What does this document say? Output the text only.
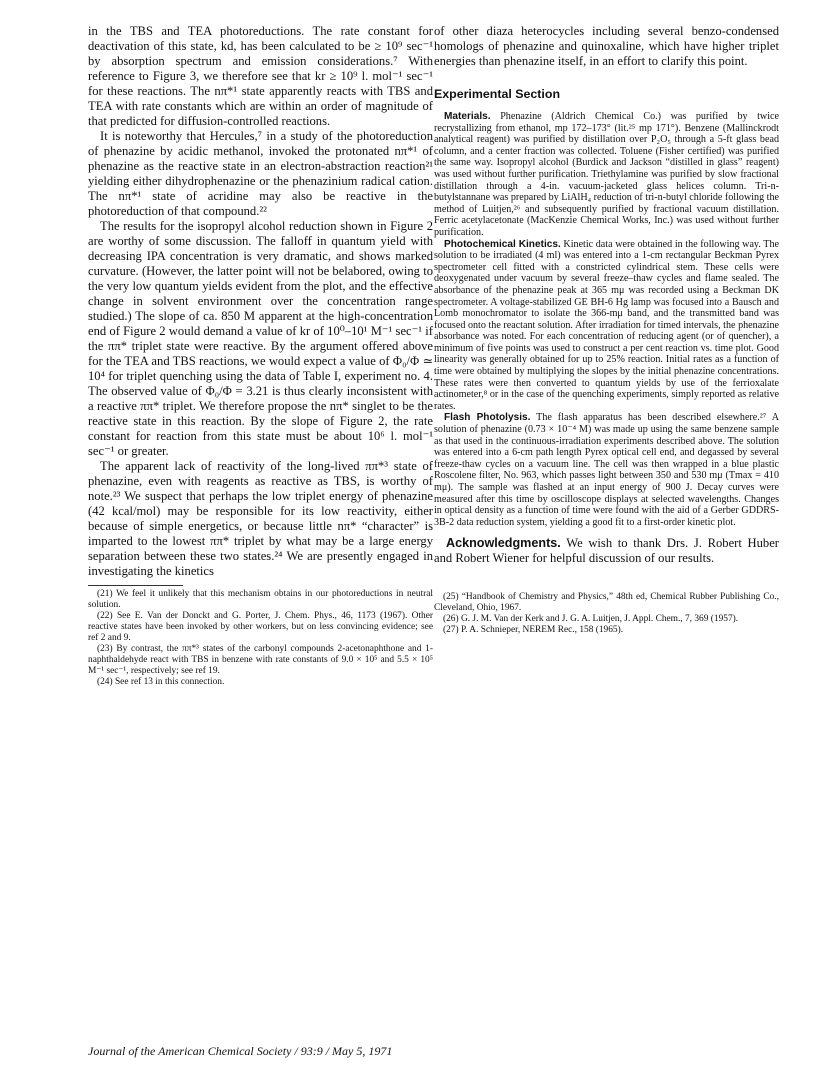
in the TBS and TEA photoreductions. The rate constant for deactivation of this state, kd, has been calculated to be ≥ 10⁹ sec⁻¹ by absorption spectrum and emission considerations.⁷ With reference to Figure 3, we therefore see that kr ≥ 10⁹ l. mol⁻¹ sec⁻¹ for these reactions. The nπ*¹ state apparently reacts with TBS and TEA with rate constants which are within an order of magnitude of that predicted for diffusion-controlled reactions.

It is noteworthy that Hercules,⁷ in a study of the photoreduction of phenazine by acidic methanol, invoked the protonated nπ*¹ of phenazine as the reactive state in an electron-abstraction reaction²¹ yielding either dihydrophenazine or the phenazinium radical cation. The nπ*¹ state of acridine may also be reactive in the photoreduction of that compound.²²

The results for the isopropyl alcohol reduction shown in Figure 2 are worthy of some discussion. The falloff in quantum yield with decreasing IPA concentration is very dramatic, and shows marked curvature. (However, the latter point will not be belabored, owing to the very low quantum yields evident from the plot, and the effective change in solvent environment over the concentration range studied.) The slope of ca. 850 M apparent at the high-concentration end of Figure 2 would demand a value of kr of 10⁰–10¹ M⁻¹ sec⁻¹ if the ππ* triplet state were reactive. By the argument offered above for the TEA and TBS reactions, we would expect a value of Φ₀/Φ ≃ 10⁴ for triplet quenching using the data of Table I, experiment no. 4. The observed value of Φ₀/Φ = 3.21 is thus clearly inconsistent with a reactive ππ* triplet. We therefore propose the nπ* singlet to be the reactive state in this reaction. By the slope of Figure 2, the rate constant for reaction from this state must be about 10⁶ l. mol⁻¹ sec⁻¹ or greater.

The apparent lack of reactivity of the long-lived ππ*³ state of phenazine, even with reagents as reactive as TBS, is worthy of note.²³ We suspect that perhaps the low triplet energy of phenazine (42 kcal/mol) may be responsible for its low reactivity, either because of simple energetics, or because little nπ* “character” is imparted to the lowest ππ* triplet by what may be a large energy separation between these two states.²⁴ We are presently engaged in investigating the kinetics

(21) We feel it unlikely that this mechanism obtains in our photoreductions in neutral solution.

(22) See E. Van der Donckt and G. Porter, J. Chem. Phys., 46, 1173 (1967). Other reactive states have been invoked by other workers, but on less convincing evidence; see ref 2 and 9.

(23) By contrast, the ππ*³ states of the carbonyl compounds 2-acetonaphthone and 1-naphthaldehyde react with TBS in benzene with rate constants of 9.0 × 10⁵ and 5.5 × 10⁵ M⁻¹ sec⁻¹, respectively; see ref 19.

(24) See ref 13 in this connection.

of other diaza heterocycles including several benzo-condensed homologs of phenazine and quinoxaline, which have higher triplet energies than phenazine itself, in an effort to clarify this point.

Experimental Section

Materials. Phenazine (Aldrich Chemical Co.) was purified by twice recrystallizing from ethanol, mp 172–173° (lit.²⁵ mp 171°). Benzene (Mallinckrodt analytical reagent) was purified by distillation over P₂O₅ through a 5-ft glass bead column, and a center fraction was collected. Toluene (Fisher certified) was purified the same way. Isopropyl alcohol (Burdick and Jackson “distilled in glass” reagent) was used without further purification. Triethylamine was purified by slow fractional distillation through a 4-in. vacuum-jacketed glass helices column. Tri-n-butylstannane was prepared by LiAlH₄ reduction of tri-n-butyl chloride following the method of Luitjen,²⁶ and subsequently purified by fractional vacuum distillation. Ferric acetylacetonate (MacKenzie Chemical Works, Inc.) was used without further purification.

Photochemical Kinetics. Kinetic data were obtained in the following way. The solution to be irradiated (4 ml) was entered into a 1-cm rectangular Beckman Pyrex spectrometer cell fitted with a constricted cylindrical stem. These cells were deoxygenated under vacuum by several freeze–thaw cycles and flame sealed. The absorbance of the phenazine peak at 365 mμ was recorded using a Beckman DK spectrometer. A voltage-stabilized GE BH-6 Hg lamp was focused into a Bausch and Lomb monochromator to isolate the 366-mμ band, and the transmitted band was focused onto the reactant solution. After irradiation for timed intervals, the phenazine absorbance was noted. For each concentration of reducing agent (or of quencher), a minimum of five points was used to construct a per cent reaction vs. time plot. Good linearity was generally obtained for up to 25% reaction. Initial rates as a function of time were obtained by multiplying the slopes by the initial phenazine concentrations. These rates were then converted to quantum yields by use of the ferrioxalate actinometer,⁸ or in the case of the quenching experiments, simply reported as relative rates.

Flash Photolysis. The flash apparatus has been described elsewhere.²⁷ A solution of phenazine (0.73 × 10⁻⁴ M) was made up using the same benzene sample as that used in the continuous-irradiation experiments described above. The solution was entered into a 6-cm path length Pyrex optical cell end, and degassed by several freeze-thaw cycles on a vacuum line. The cell was then wrapped in a blue plastic Roscolene filter, No. 963, which passes light between 350 and 530 mμ (Tmax = 410 mμ). The sample was flashed at an input energy of 900 J. Decay curves were measured after this time by oscilloscope displays at selected wavelengths. Changes in optical density as a function of time were found with the aid of a Gerber GDDRS-3B-2 data reduction system, yielding a good fit to a first-order kinetic plot.

Acknowledgments. We wish to thank Drs. J. Robert Huber and Robert Wiener for helpful discussion of our results.

(25) “Handbook of Chemistry and Physics,” 48th ed, Chemical Rubber Publishing Co., Cleveland, Ohio, 1967.

(26) G. J. M. Van der Kerk and J. G. A. Luitjen, J. Appl. Chem., 7, 369 (1957).

(27) P. A. Schnieper, NEREM Rec., 158 (1965).

Journal of the American Chemical Society / 93:9 / May 5, 1971
